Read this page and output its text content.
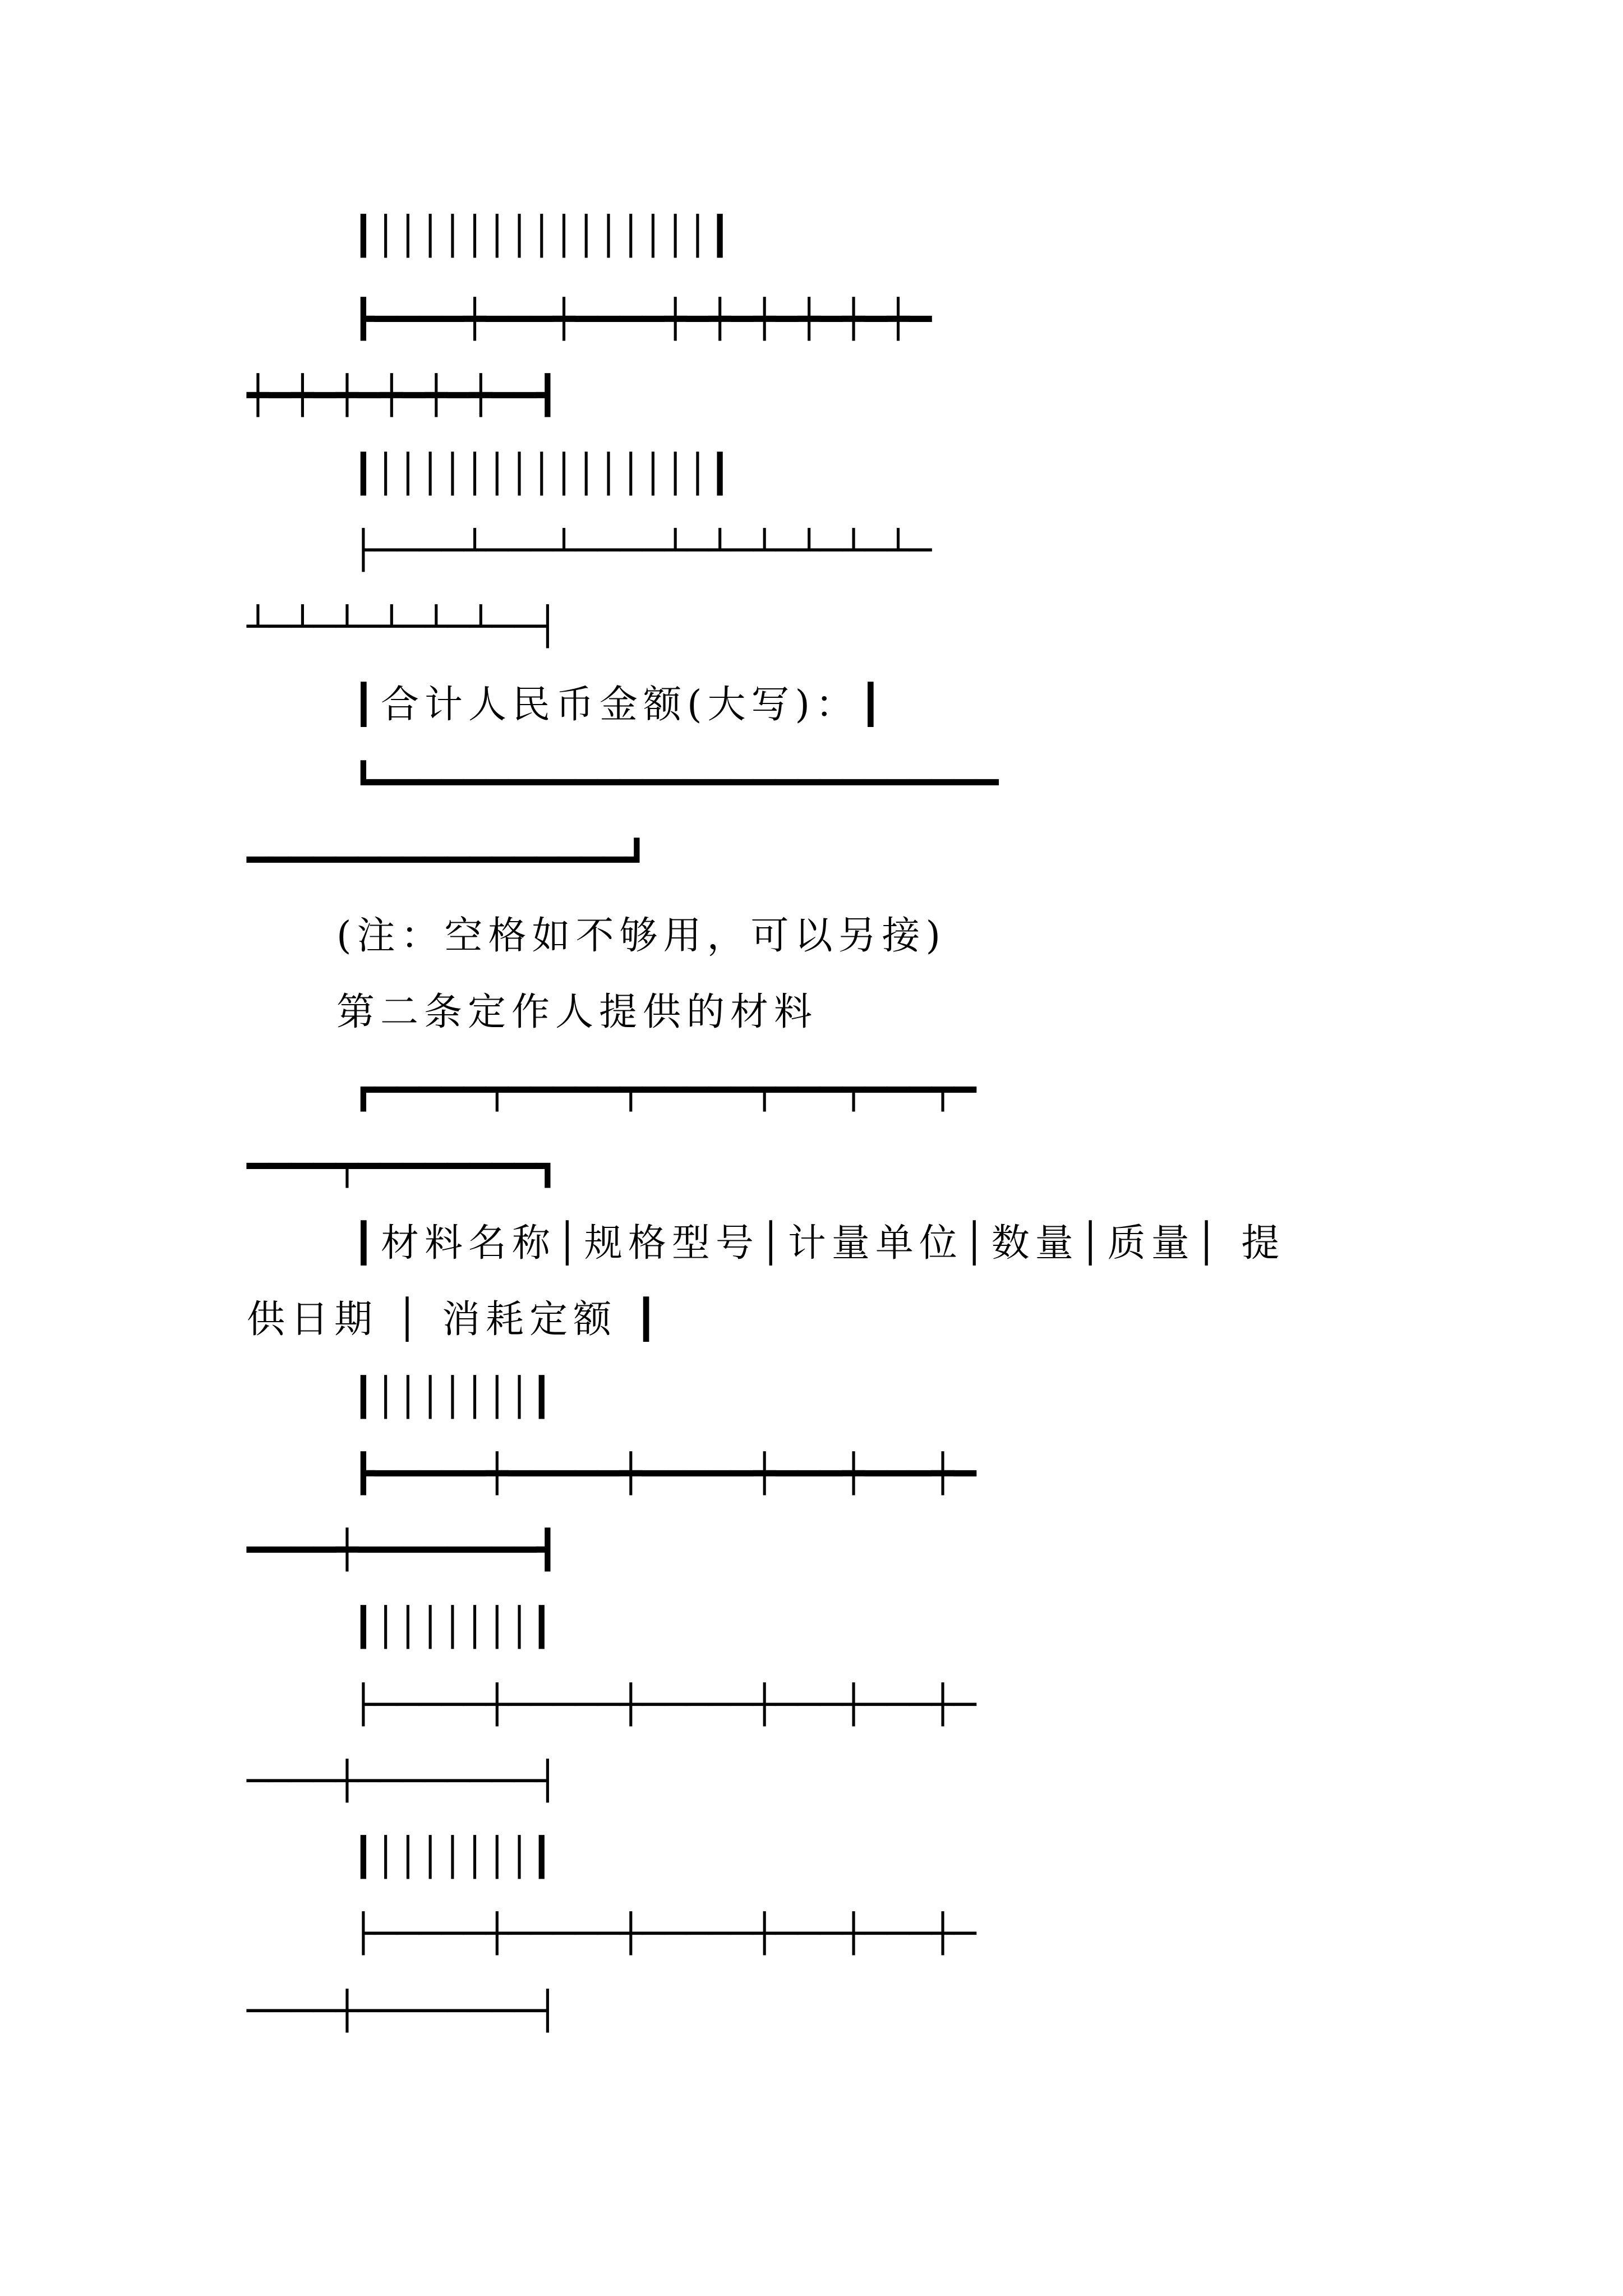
┃│││││││││││││││┃
┣━━━━┿━━━┿━━━━┿━┿━┿━┿━┿━┿━
┿━┿━┿━┿━┿━┿━━┫
┃│││││││││││││││┃
├────┴───┴────┴─┴─┴─┴─┴─┴─
┴─┴─┴─┴─┴─┴──┤
┃合计人民币金额(大写)：┃
┗━━━━━━━━━━━━━━━━━━━━━━━━━━━━
━━━━━━━━━━━━━━━━━┛
(注：空格如不够用，可以另接)
第二条定作人提供的材料
┏━━━━━┯━━━━━┯━━━━━┯━━━┯━━━┯━
━━━━┯━━━━━━━━┓
┃材料名称│规格型号│计量单位│数量│质量│ 提
供日期 │ 消耗定额 ┃
┃│││││││┃
┣━━━━━┿━━━━━┿━━━━━┿━━━┿━━━┿━
━━━━┿━━━━━━━━┫
┃│││││││┃
├─────┼─────┼─────┼───┼───┼─
────┼────────┤
┃│││││││┃
├─────┼─────┼─────┼───┼───┼─
────┼────────┤
